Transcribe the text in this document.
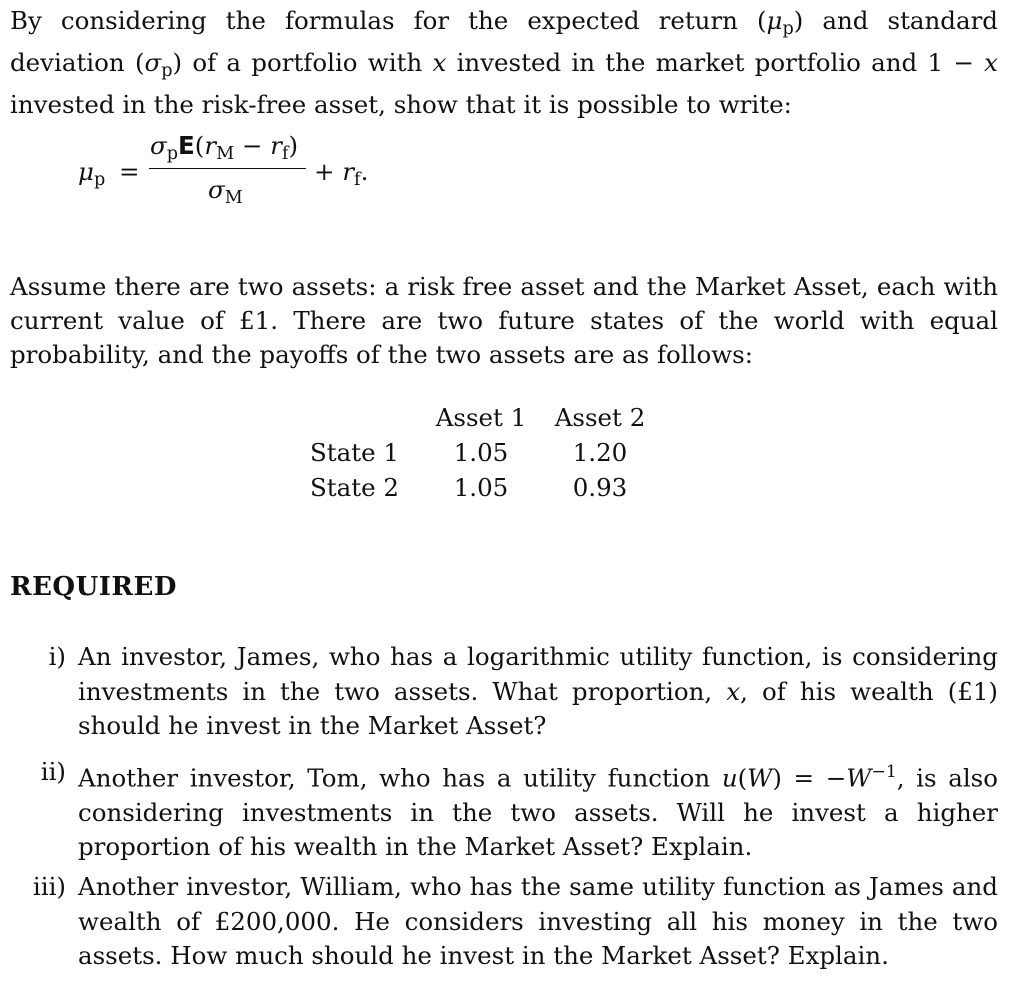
By considering the formulas for the expected return $(\mu_p)$ and standard deviation $(\sigma_p)$ of a portfolio with x invested in the market portfolio and 1 − x invested in the risk-free asset, show that it is possible to write:

$\mu_p$ =
$\sigma_pE(r_M - r_f)$
$\sigma_M$
+ $r_f$.

Assume there are two assets: a risk free asset and the Market Asset, each with current value of £1. There are two future states of the world with equal probability, and the payoffs of the two assets are as follows:

	Asset 1	Asset 2
State 1	1.05	1.20
State 2	1.05	0.93
REQUIRED
i) An investor, James, who has a logarithmic utility function, is considering investments in the two assets. What proportion, x, of his wealth (£1) should he invest in the Market Asset?

ii) Another investor, Tom, who has a utility function $u(W) = -W^{-1}$, is also considering investments in the two assets. Will he invest a higher proportion of his wealth in the Market Asset? Explain.

iii) Another investor, William, who has the same utility function as James and wealth of £200,000. He considers investing all his money in the two assets. How much should he invest in the Market Asset? Explain.
